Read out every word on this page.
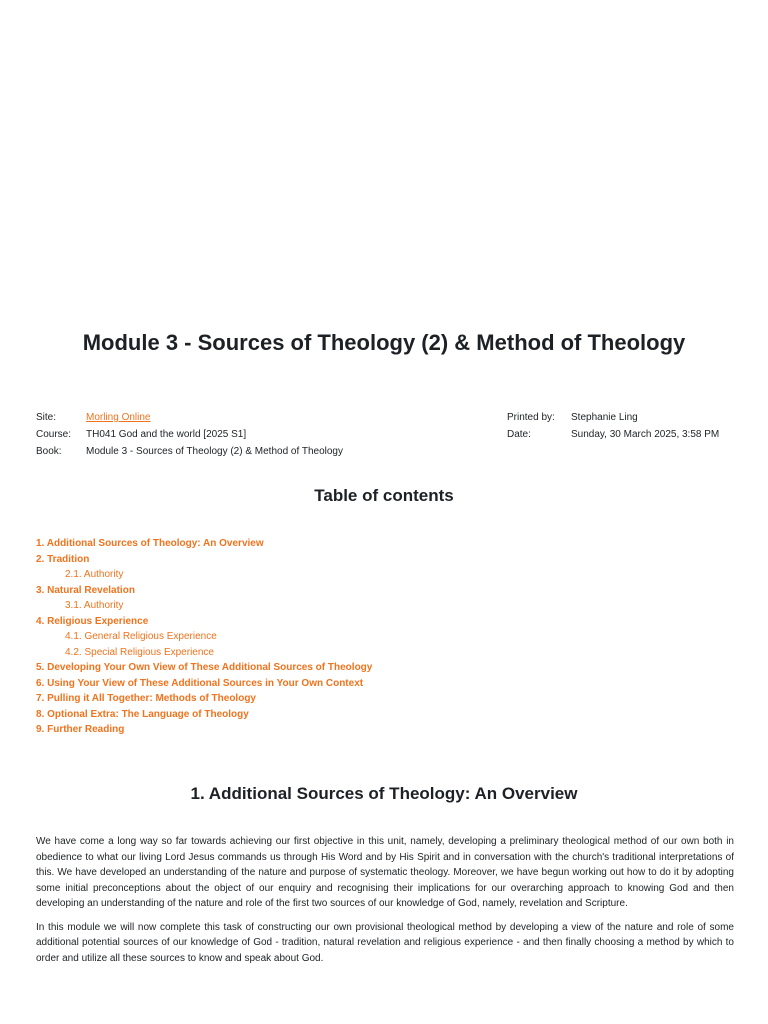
Module 3 - Sources of Theology (2) & Method of Theology
Site:	Morling Online
Course:	TH041 God and the world [2025 S1]
Book:	Module 3 - Sources of Theology (2) & Method of Theology
Printed by:	Stephanie Ling
Date:	Sunday, 30 March 2025, 3:58 PM
Table of contents
1. Additional Sources of Theology: An Overview
2. Tradition
2.1. Authority
3. Natural Revelation
3.1. Authority
4. Religious Experience
4.1. General Religious Experience
4.2. Special Religious Experience
5. Developing Your Own View of These Additional Sources of Theology
6. Using Your View of These Additional Sources in Your Own Context
7. Pulling it All Together: Methods of Theology
8. Optional Extra: The Language of Theology
9. Further Reading
1. Additional Sources of Theology: An Overview

We have come a long way so far towards achieving our first objective in this unit, namely, developing a preliminary theological method of our own both in obedience to what our living Lord Jesus commands us through His Word and by His Spirit and in conversation with the church's traditional interpretations of this. We have developed an understanding of the nature and purpose of systematic theology. Moreover, we have begun working out how to do it by adopting some initial preconceptions about the object of our enquiry and recognising their implications for our overarching approach to knowing God and then developing an understanding of the nature and role of the first two sources of our knowledge of God, namely, revelation and Scripture.

In this module we will now complete this task of constructing our own provisional theological method by developing a view of the nature and role of some additional potential sources of our knowledge of God - tradition, natural revelation and religious experience - and then finally choosing a method by which to order and utilize all these sources to know and speak about God.
